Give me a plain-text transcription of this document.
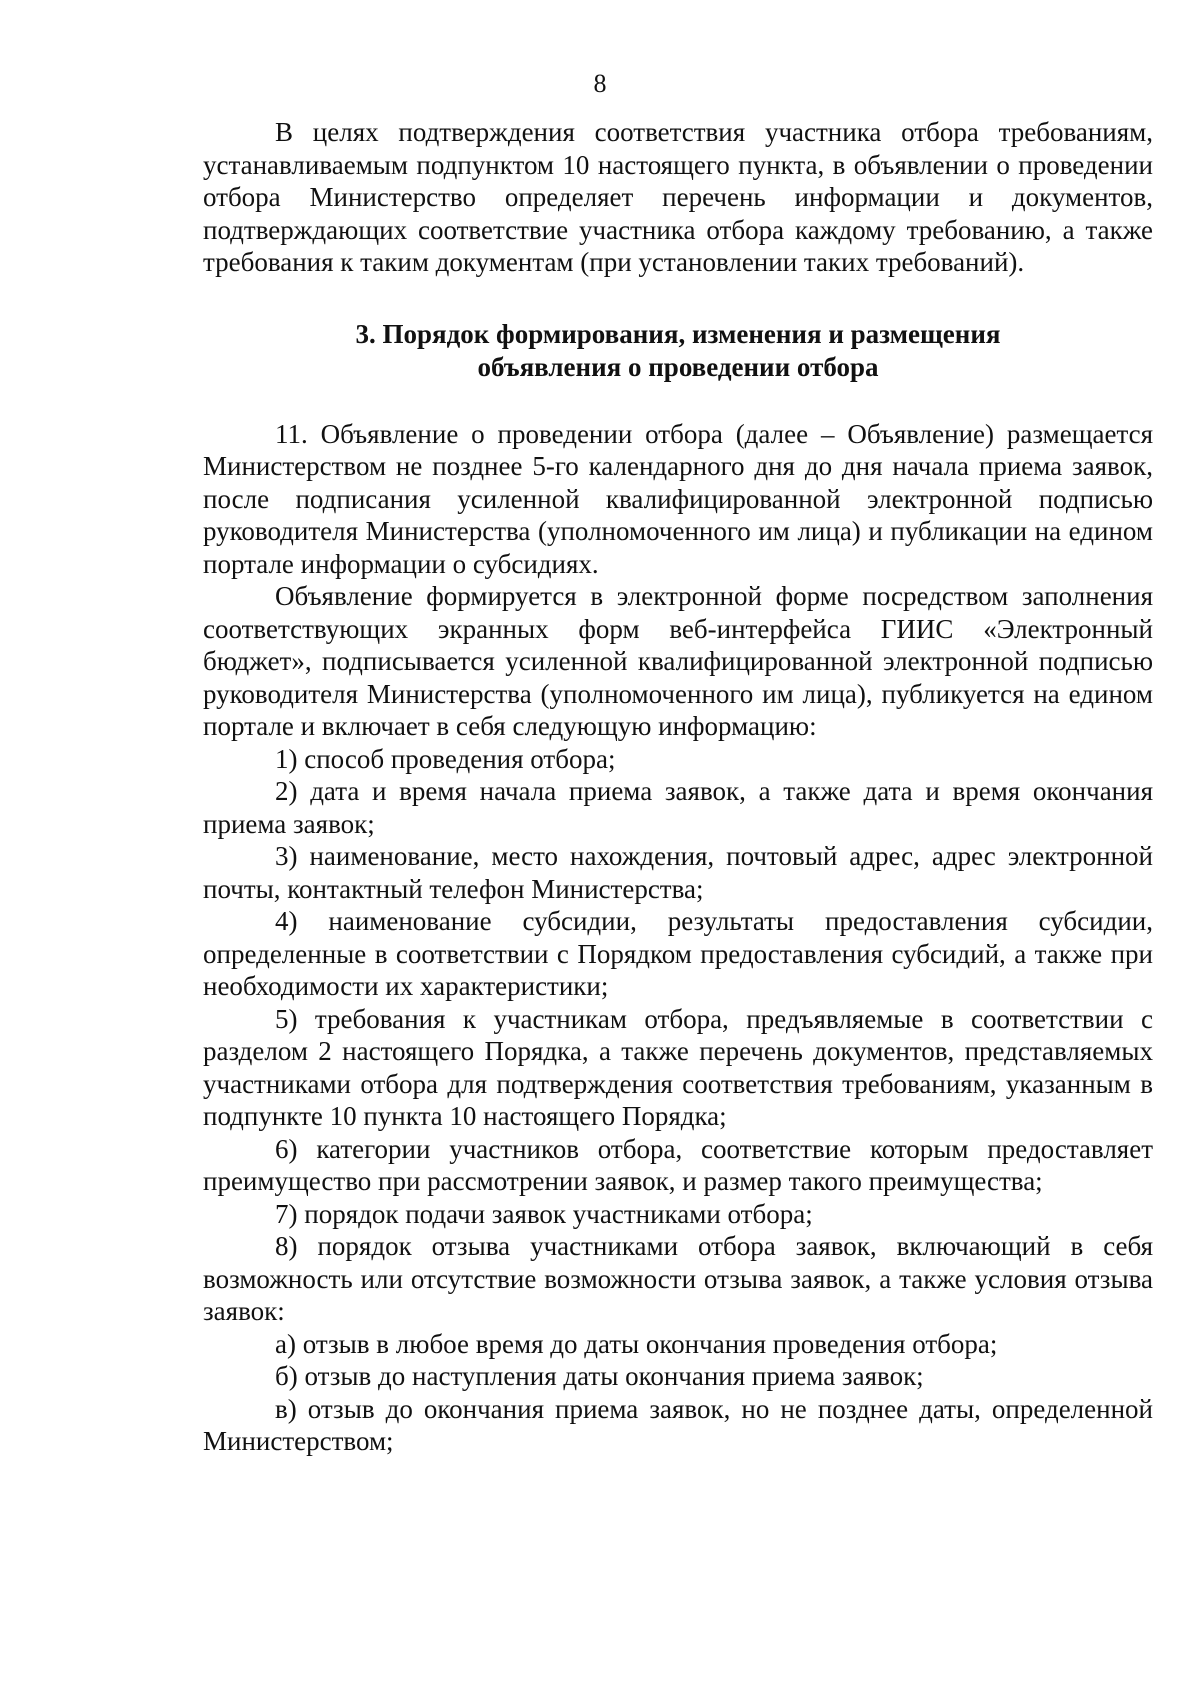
8

В целях подтверждения соответствия участника отбора требованиям, устанавливаемым подпунктом 10 настоящего пункта, в объявлении о проведении отбора Министерство определяет перечень информации и документов, подтверждающих соответствие участника отбора каждому требованию, а также требования к таким документам (при установлении таких требований).

3. Порядок формирования, изменения и размещения
объявления о проведении отбора

11. Объявление о проведении отбора (далее – Объявление) размещается Министерством не позднее 5-го календарного дня до дня начала приема заявок, после подписания усиленной квалифицированной электронной подписью руководителя Министерства (уполномоченного им лица) и публикации на едином портале информации о субсидиях.

Объявление формируется в электронной форме посредством заполнения соответствующих экранных форм веб-интерфейса ГИИС «Электронный бюджет», подписывается усиленной квалифицированной электронной подписью руководителя Министерства (уполномоченного им лица), публикуется на едином портале и включает в себя следующую информацию:

1) способ проведения отбора;

2) дата и время начала приема заявок, а также дата и время окончания приема заявок;

3) наименование, место нахождения, почтовый адрес, адрес электронной почты, контактный телефон Министерства;

4) наименование субсидии, результаты предоставления субсидии, определенные в соответствии с Порядком предоставления субсидий, а также при необходимости их характеристики;

5) требования к участникам отбора, предъявляемые в соответствии с разделом 2 настоящего Порядка, а также перечень документов, представляемых участниками отбора для подтверждения соответствия требованиям, указанным в подпункте 10 пункта 10 настоящего Порядка;

6) категории участников отбора, соответствие которым предоставляет преимущество при рассмотрении заявок, и размер такого преимущества;

7) порядок подачи заявок участниками отбора;

8) порядок отзыва участниками отбора заявок, включающий в себя возможность или отсутствие возможности отзыва заявок, а также условия отзыва заявок:

а) отзыв в любое время до даты окончания проведения отбора;

б) отзыв до наступления даты окончания приема заявок;

в) отзыв до окончания приема заявок, но не позднее даты, определенной Министерством;
